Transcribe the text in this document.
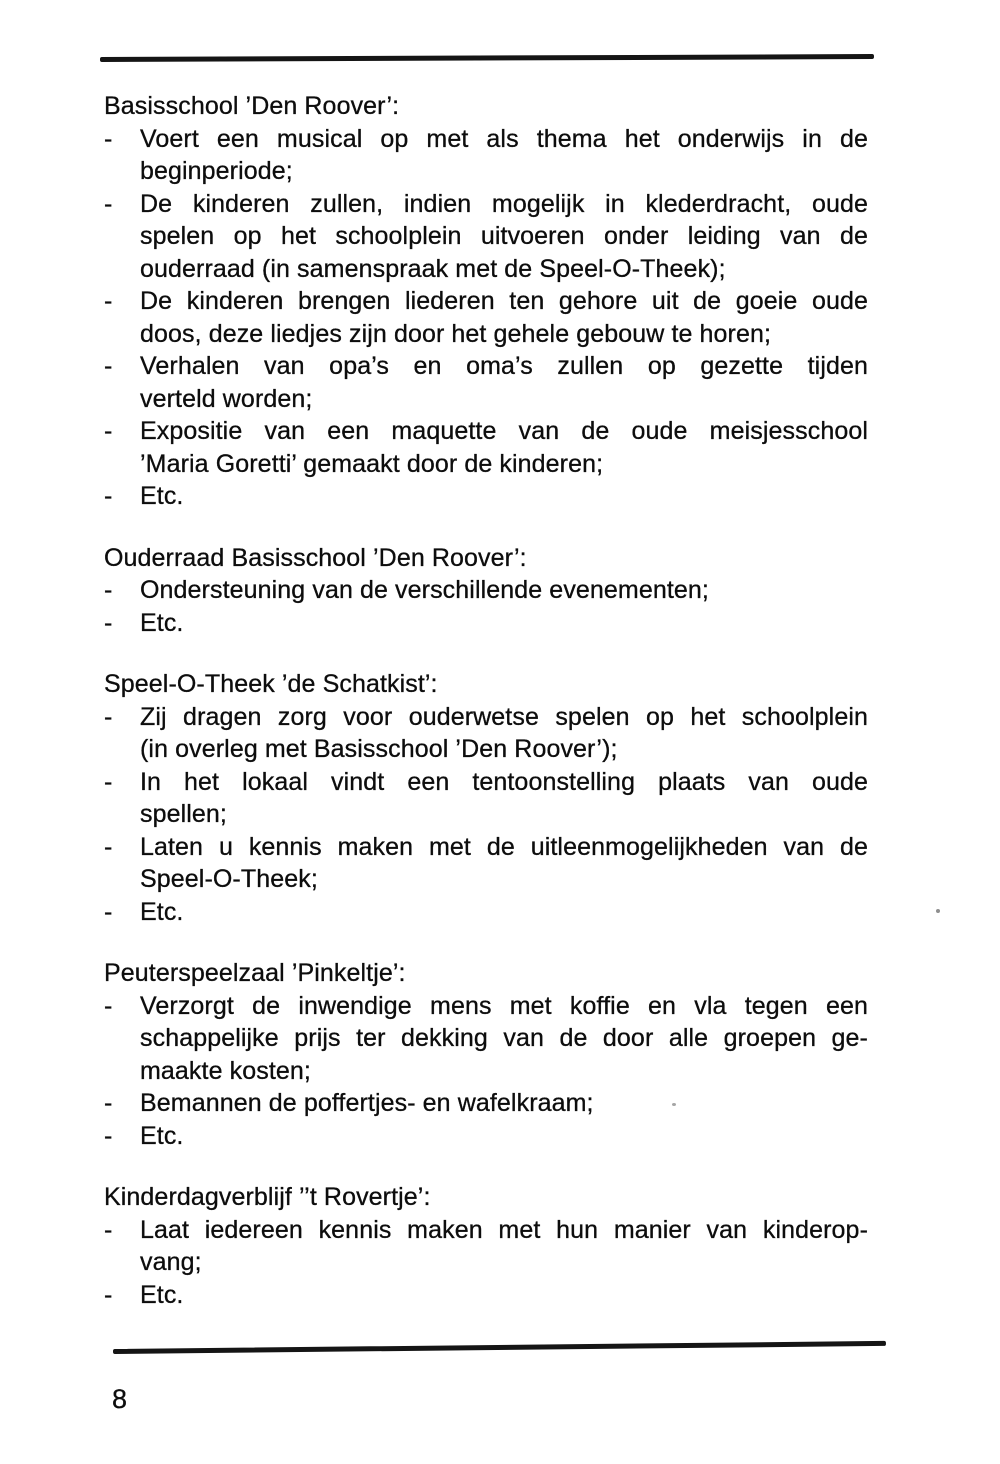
Basisschool ’Den Roover’:
-	Voert een musical op met als thema het onderwijs in de
beginperiode;
-	De kinderen zullen, indien mogelijk in klederdracht, oude
spelen op het schoolplein uitvoeren onder leiding van de
ouderraad (in samenspraak met de Speel-O-Theek);
-	De kinderen brengen liederen ten gehore uit de goeie oude
doos, deze liedjes zijn door het gehele gebouw te horen;
-	Verhalen van opa’s en oma’s zullen op gezette tijden
verteld worden;
-	Expositie van een maquette van de oude meisjesschool
’Maria Goretti’ gemaakt door de kinderen;
-	Etc.
Ouderraad Basisschool ’Den Roover’:
-	Ondersteuning van de verschillende evenementen;
-	Etc.
Speel-O-Theek ’de Schatkist’:
-	Zij dragen zorg voor ouderwetse spelen op het schoolplein
(in overleg met Basisschool ’Den Roover’);
-	In het lokaal vindt een tentoonstelling plaats van oude
spellen;
-	Laten u kennis maken met de uitleenmogelijkheden van de
Speel-O-Theek;
-	Etc.
Peuterspeelzaal ’Pinkeltje’:
-	Verzorgt de inwendige mens met koffie en vla tegen een
schappelijke prijs ter dekking van de door alle groepen ge-
maakte kosten;
-	Bemannen de poffertjes- en wafelkraam;
-	Etc.
Kinderdagverblijf ’’t Rovertje’:
-	Laat iedereen kennis maken met hun manier van kinderop-
vang;
-	Etc.
8
